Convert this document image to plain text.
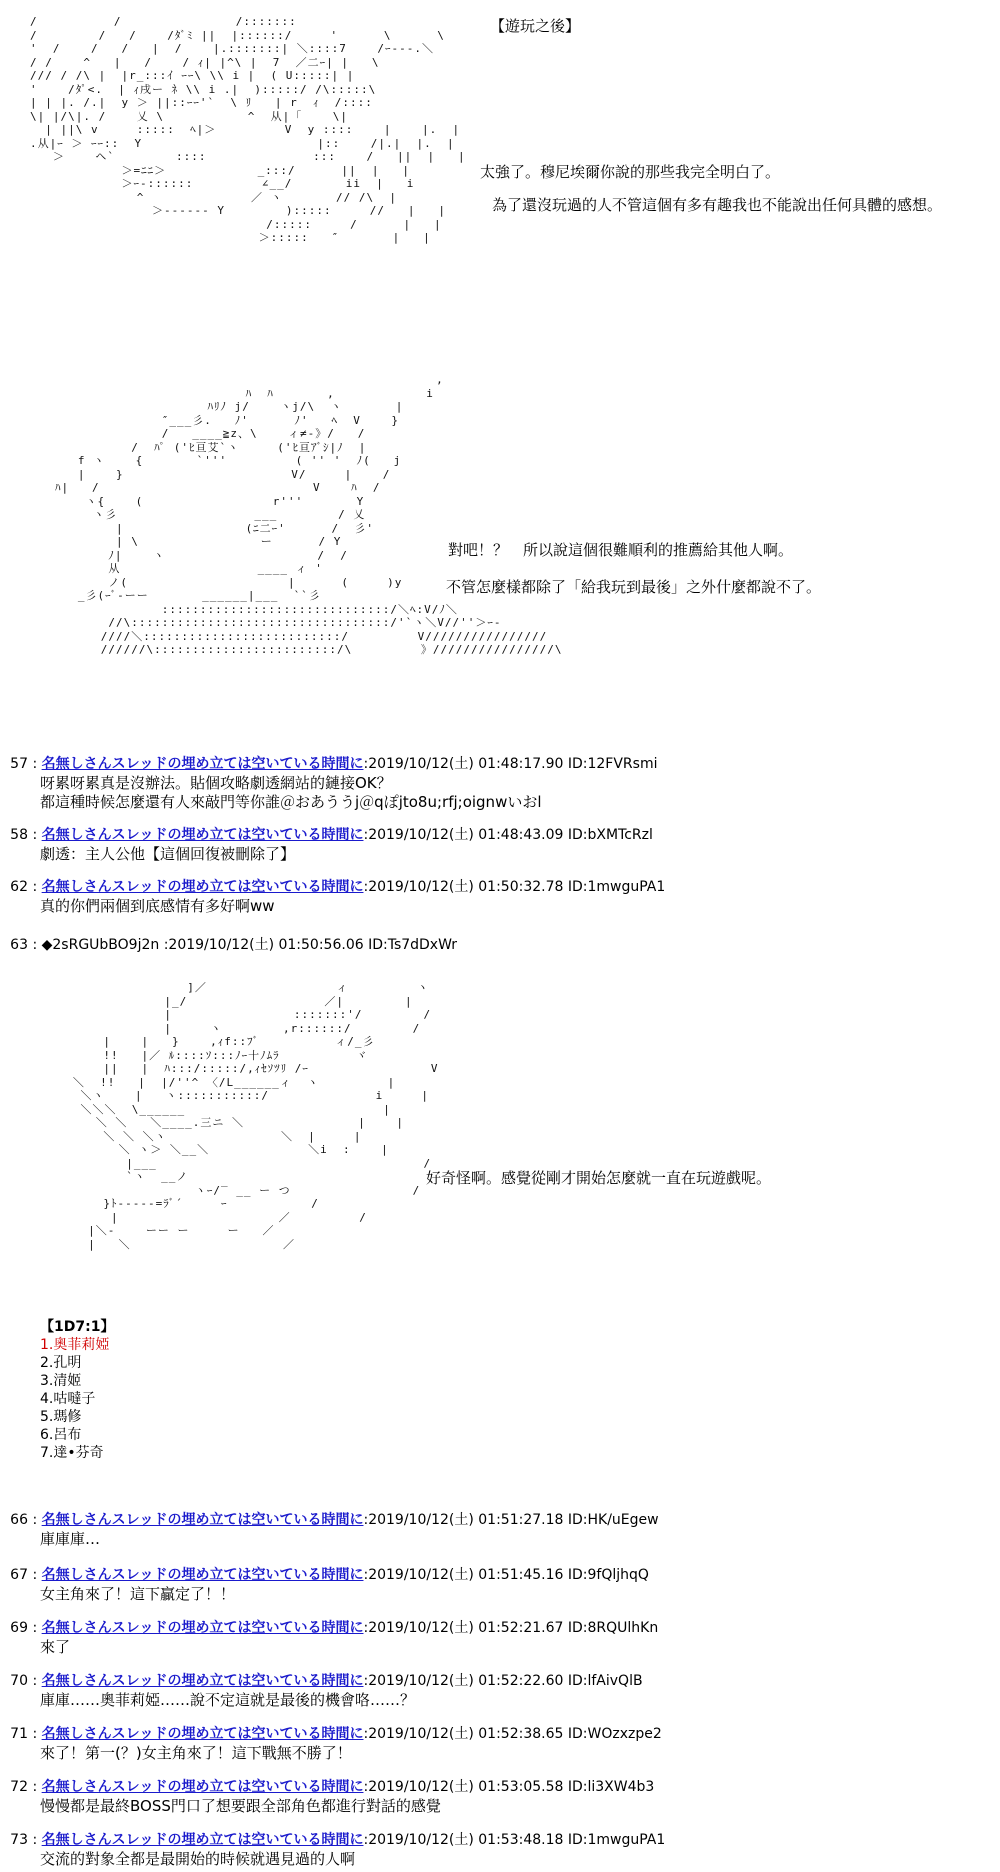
/          /               /:::::::
/        /   /    /ﾀﾞﾐ ||  |::::::/     '      \      \
'  /    /   /   |  /    |.:::::::| ＼::::7    /ｰ---.＼
/ /    ^   |   /    / ｨ| |^\ |  7  ／二ｰ| |   \
/// / /\ |  |r_:::ｲ ｰｰ\ \\ i |  ( U:::::| |
'    /ﾀﾟ<.  | ｨ戌ー ﾈ \\ i .|  ):::::/ /\:::::\
| | |. /.|  y ＞ ||::ｰｰ'`  \ ﾘ   | r  ｨ  /::::
\| |/\|. /    乂 \           ^  从|「    \|
| ||\ v     :::::  ﾍ|＞         V  y ::::    |    |.  |
.从|ｰ ＞ ｰｰ::  Y                       |::    /|.|  |.  |
＞    ヘ`        ::::              :::    /   ||  |   |
＞=ﾆﾆ＞            _:::/      ||  |   |
＞ｰ-::::::         ∠__/       ii  |   i
^              ／ ヽ       // /\  |
＞------ Y        ):::::     //   |   |
/:::::     /      |   |
＞:::::   ″       |   |
【遊玩之後】
太強了。穆尼埃爾你說的那些我完全明白了。
為了還沒玩過的人不管這個有多有趣我也不能說出任何具體的感想。
,
ﾊ  ﾊ       ,            i
ﾊﾘﾉ j/    ヽj/\  ヽ       |
″___彡.   ﾉ'      ﾉ'   ﾍ  V    }
/   ____≧z、\    ィ≠-》/   /
/  ﾊﾟ ('ﾋ亘艾`ヽ     ('ﾋ亘ｱﾞｼ|ﾉ  |
f ヽ    {       `'''         ( '' '  ﾉ(   j
|    }                      V/     |    /
ﾊ|   /                            V    ﾊ  /
ヽ{    (                 r'''       Y
ヽ彡                  ___        / 乂
|                (ﾆ二ｰ'      /  彡'
| \                ー      / Y
ﾉ|    ヽ                    /  /
从                  ____ ィ '
ノ(                     |      (     )y
_彡(ｰﾞ-ーー       ______|___  ``彡
::::::::::::::::::::::::::::::/＼ﾍ:V/ﾉ＼
//\::::::::::::::::::::::::::::::::::/'`ヽ＼V//''＞ｰ-
////＼::::::::::::::::::::::::::/         V////////////////
//////\::::::::::::::::::::::::/\         》////////////////\
對吧！？　所以說這個很難順利的推薦給其他人啊。
不管怎麼樣都除了「給我玩到最後」之外什麼都說不了。
57 : 名無しさんスレッドの埋め立ては空いている時間に:2019/10/12(土) 01:48:17.90 ID:12FVRsmi
呀累呀累真是沒辦法。貼個攻略劇透網站的鏈接OK？
都這種時候怎麼還有人來敲門等你誰＠おあううj＠qぽjto8u;rfj;oignwいおl
58 : 名無しさんスレッドの埋め立ては空いている時間に:2019/10/12(土) 01:48:43.09 ID:bXMTcRzl
劇透：主人公他【這個回復被刪除了】
62 : 名無しさんスレッドの埋め立ては空いている時間に:2019/10/12(土) 01:50:32.78 ID:1mwguPA1
真的你們兩個到底感情有多好啊ww
63 : ◆2sRGUbBO9j2n :2019/10/12(土) 01:50:56.06 ID:Ts7dDxWr
]／                 ィ         ヽ
|_/                  ／|        |
|                :::::::'/        /
|     ヽ        ,r::::::/        /
|    |   }    ,ｨf::ﾌﾞ          ィ/_彡
!!   |／ ﾙ::::ｿ:::ﾉｰ十ﾉﾑﾗ          ヾ
||   |  ﾊ:::/:::::/,ｨｾｿﾂﾘ /ｰ                V
＼  !!   |  |/''^ 〈/L______ィ  ヽ         |
＼ヽ    |   ヽ:::::::::::/              i     |
＼＼＼  \______                          |
＼ ＼   ＼____.三ニ ＼               |    |
＼ ＼ ＼ヽ               ＼  |     |
＼ ヽ＞ ＼__＼             ＼i  :    |
|___                                   /
`ヽ  __ノ
ヽｰ/‾ __ ー つ                /
}ﾄ-----=ﾗﾞ´     ｰ           /
|                     ／         /
|＼-    ーー ー     ー   ／
|   ＼                    ／
好奇怪啊。感覺從剛才開始怎麼就一直在玩遊戲呢。
【1D7:1】
1.奧菲莉婭
2.孔明
3.清姬
4.咕噠子
5.瑪修
6.呂布
7.達•芬奇
66 : 名無しさんスレッドの埋め立ては空いている時間に:2019/10/12(土) 01:51:27.18 ID:HK/uEgew
庫庫庫…
67 : 名無しさんスレッドの埋め立ては空いている時間に:2019/10/12(土) 01:51:45.16 ID:9fQljhqQ
女主角來了！這下贏定了！！
69 : 名無しさんスレッドの埋め立ては空いている時間に:2019/10/12(土) 01:52:21.67 ID:8RQUlhKn
來了
70 : 名無しさんスレッドの埋め立ては空いている時間に:2019/10/12(土) 01:52:22.60 ID:lfAivQlB
庫庫……奧菲莉婭……說不定這就是最後的機會咯……？
71 : 名無しさんスレッドの埋め立ては空いている時間に:2019/10/12(土) 01:52:38.65 ID:WOzxzpe2
來了！第一(？)女主角來了！這下戰無不勝了！
72 : 名無しさんスレッドの埋め立ては空いている時間に:2019/10/12(土) 01:53:05.58 ID:li3XW4b3
慢慢都是最終BOSS門口了想要跟全部角色都進行對話的感覺
73 : 名無しさんスレッドの埋め立ては空いている時間に:2019/10/12(土) 01:53:48.18 ID:1mwguPA1
交流的對象全都是最開始的時候就遇見過的人啊
